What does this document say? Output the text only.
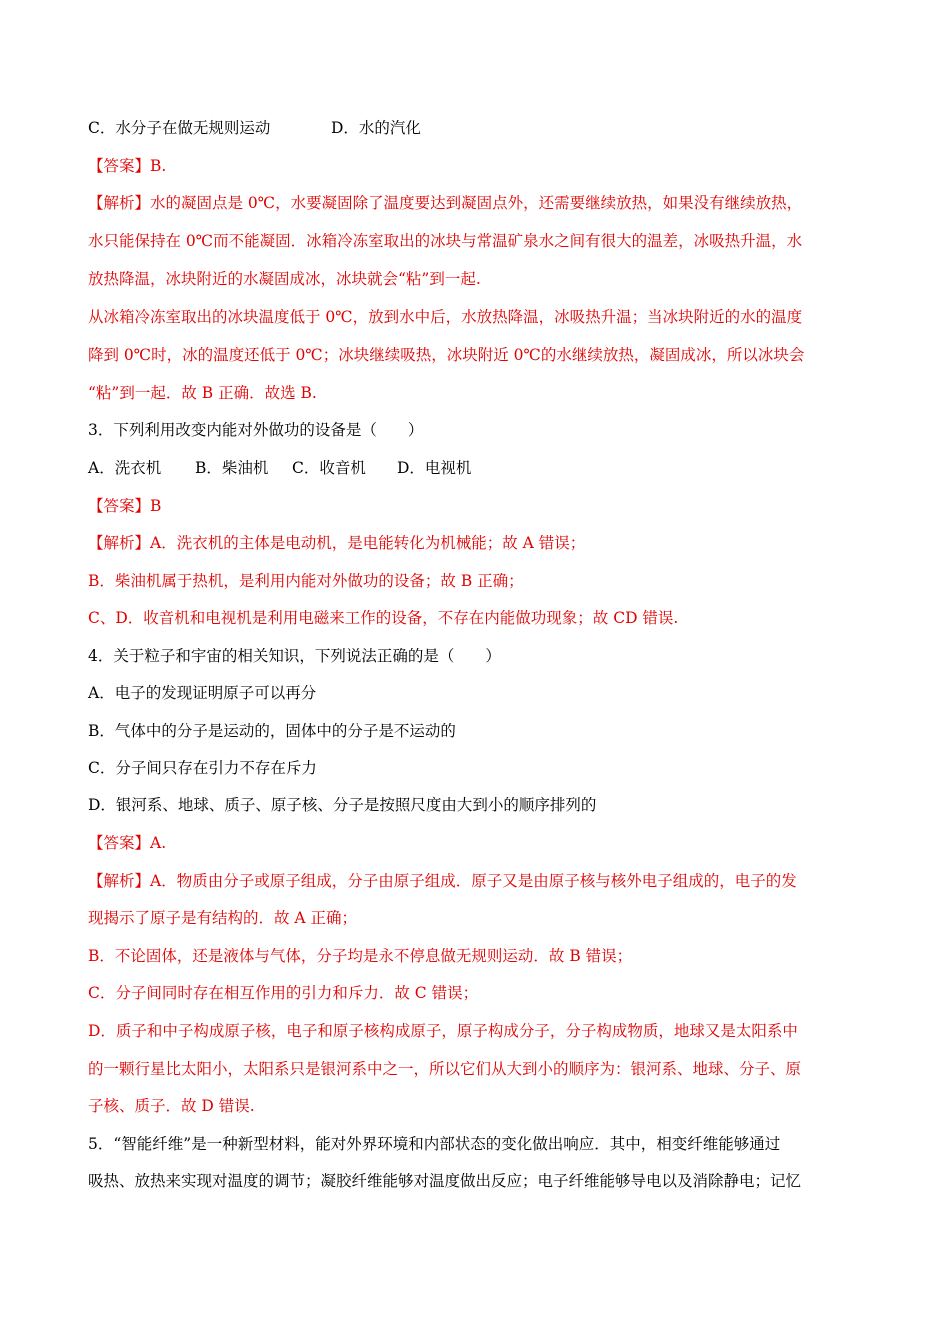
C．水分子在做无规则运动	D．水的汽化
【答案】B.
【解析】水的凝固点是 0℃，水要凝固除了温度要达到凝固点外，还需要继续放热，如果没有继续放热，
水只能保持在 0℃而不能凝固．冰箱冷冻室取出的冰块与常温矿泉水之间有很大的温差，冰吸热升温，水
放热降温，冰块附近的水凝固成冰，冰块就会“粘”到一起.
从冰箱冷冻室取出的冰块温度低于 0℃，放到水中后，水放热降温，冰吸热升温；当冰块附近的水的温度
降到 0℃时，冰的温度还低于 0℃；冰块继续吸热，冰块附近 0℃的水继续放热，凝固成冰，所以冰块会
“粘”到一起．故 B 正确．故选 B.
3．下列利用改变内能对外做功的设备是（　　）
A．洗衣机 B．柴油机 C．收音机 D．电视机
【答案】B
【解析】A．洗衣机的主体是电动机，是电能转化为机械能；故 A 错误；
B．柴油机属于热机，是利用内能对外做功的设备；故 B 正确；
C、D．收音机和电视机是利用电磁来工作的设备，不存在内能做功现象；故 CD 错误.
4．关于粒子和宇宙的相关知识，下列说法正确的是（　　）
A．电子的发现证明原子可以再分
B．气体中的分子是运动的，固体中的分子是不运动的
C．分子间只存在引力不存在斥力
D．银河系、地球、质子、原子核、分子是按照尺度由大到小的顺序排列的
【答案】A.
【解析】A．物质由分子或原子组成，分子由原子组成．原子又是由原子核与核外电子组成的，电子的发
现揭示了原子是有结构的．故 A 正确；
B．不论固体，还是液体与气体，分子均是永不停息做无规则运动．故 B 错误；
C．分子间同时存在相互作用的引力和斥力．故 C 错误；
D．质子和中子构成原子核，电子和原子核构成原子，原子构成分子，分子构成物质，地球又是太阳系中
的一颗行星比太阳小，太阳系只是银河系中之一，所以它们从大到小的顺序为：银河系、地球、分子、原
子核、质子．故 D 错误.
5．“智能纤维”是一种新型材料，能对外界环境和内部状态的变化做出响应．其中，相变纤维能够通过
吸热、放热来实现对温度的调节；凝胶纤维能够对温度做出反应；电子纤维能够导电以及消除静电；记忆
